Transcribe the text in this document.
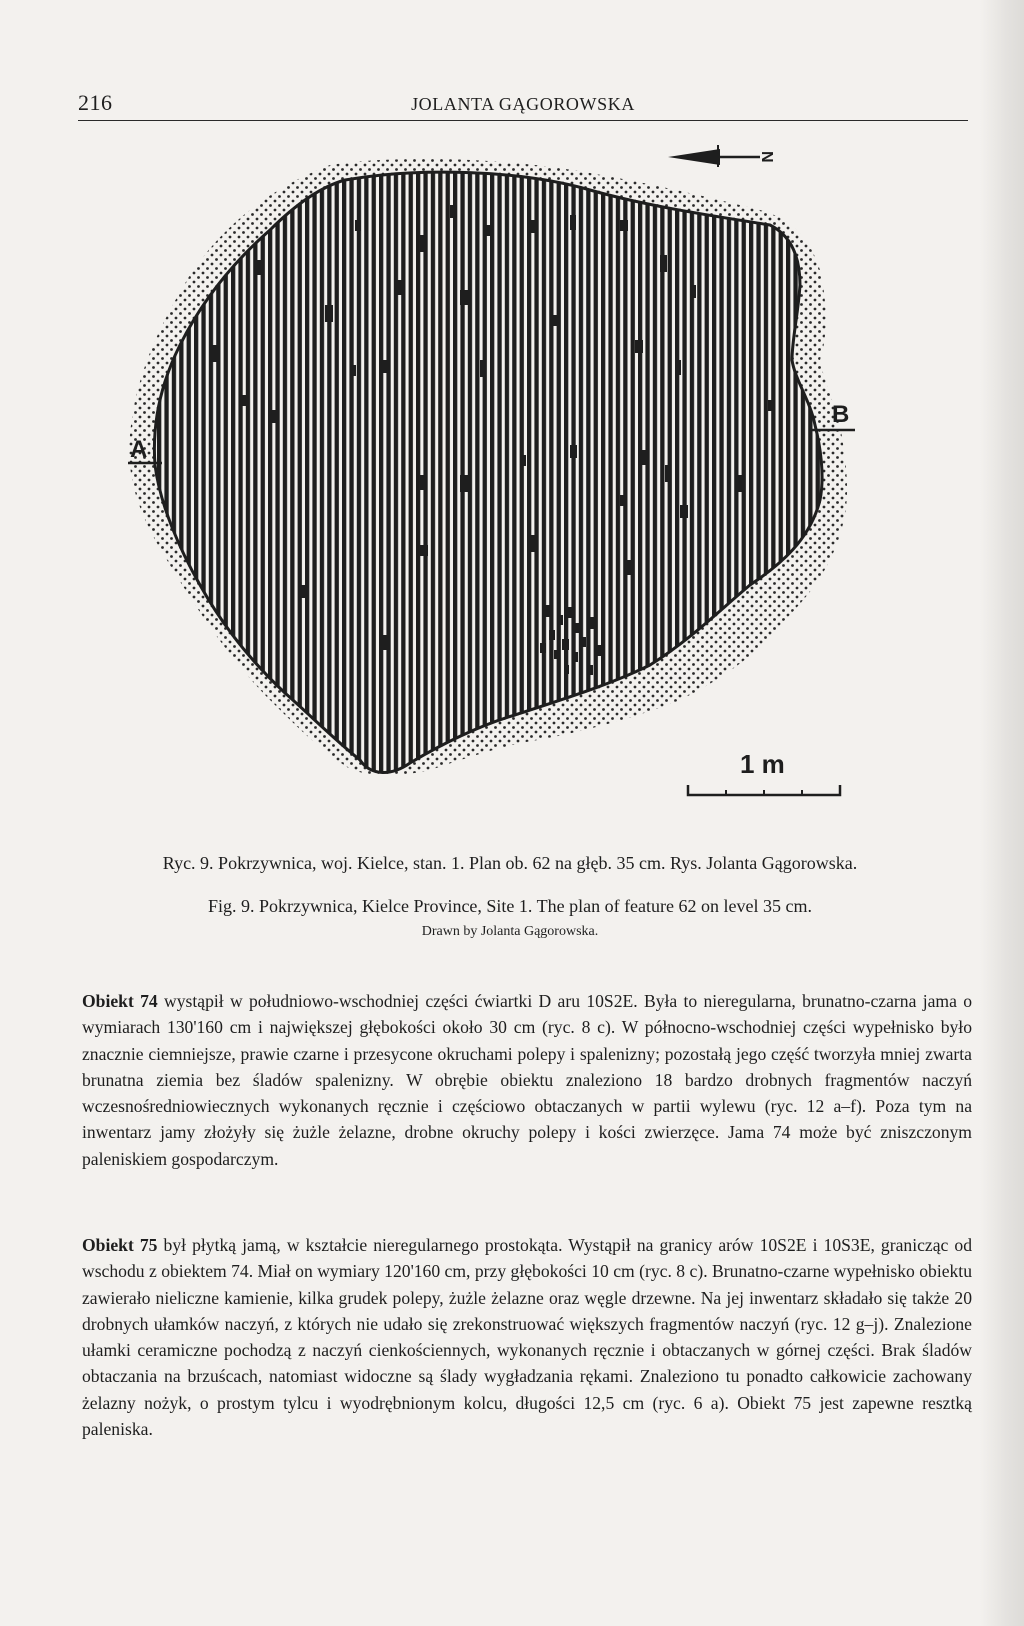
216	JOLANTA GĄGOROWSKA
A
B
N
1 m
Ryc. 9. Pokrzywnica, woj. Kielce, stan. 1. Plan ob. 62 na głęb. 35 cm. Rys. Jolanta Gągorowska.
Fig. 9. Pokrzywnica, Kielce Province, Site 1. The plan of feature 62 on level 35 cm.
Drawn by Jolanta Gągorowska.

Obiekt 74 wystąpił w południowo-wschodniej części ćwiartki D aru 10S2E. Była to nieregularna, brunatno-czarna jama o wymiarach 130'160 cm i największej głębokości około 30 cm (ryc. 8 c). W północno-wschodniej części wypełnisko było znacznie ciemniejsze, prawie czarne i przesycone okruchami polepy i spalenizny; pozostałą jego część tworzyła mniej zwarta brunatna ziemia bez śladów spalenizny. W obrębie obiektu znaleziono 18 bardzo drobnych fragmentów naczyń wczesnośredniowiecznych wykonanych ręcznie i częściowo obtaczanych w partii wylewu (ryc. 12 a–f). Poza tym na inwentarz jamy złożyły się żużle żelazne, drobne okruchy polepy i kości zwierzęce. Jama 74 może być zniszczonym paleniskiem gospodarczym.

Obiekt 75 był płytką jamą, w kształcie nieregularnego prostokąta. Wystąpił na granicy arów 10S2E i 10S3E, granicząc od wschodu z obiektem 74. Miał on wymiary 120'160 cm, przy głębokości 10 cm (ryc. 8 c). Brunatno-czarne wypełnisko obiektu zawierało nieliczne kamienie, kilka grudek polepy, żużle żelazne oraz węgle drzewne. Na jej inwentarz składało się także 20 drobnych ułamków naczyń, z których nie udało się zrekonstruować większych fragmentów naczyń (ryc. 12 g–j). Znalezione ułamki ceramiczne pochodzą z naczyń cienkościennych, wykonanych ręcznie i obtaczanych w górnej części. Brak śladów obtaczania na brzuścach, natomiast widoczne są ślady wygładzania rękami. Znaleziono tu ponadto całkowicie zachowany żelazny nożyk, o prostym tylcu i wyodrębnionym kolcu, długości 12,5 cm (ryc. 6 a). Obiekt 75 jest zapewne resztką paleniska.
